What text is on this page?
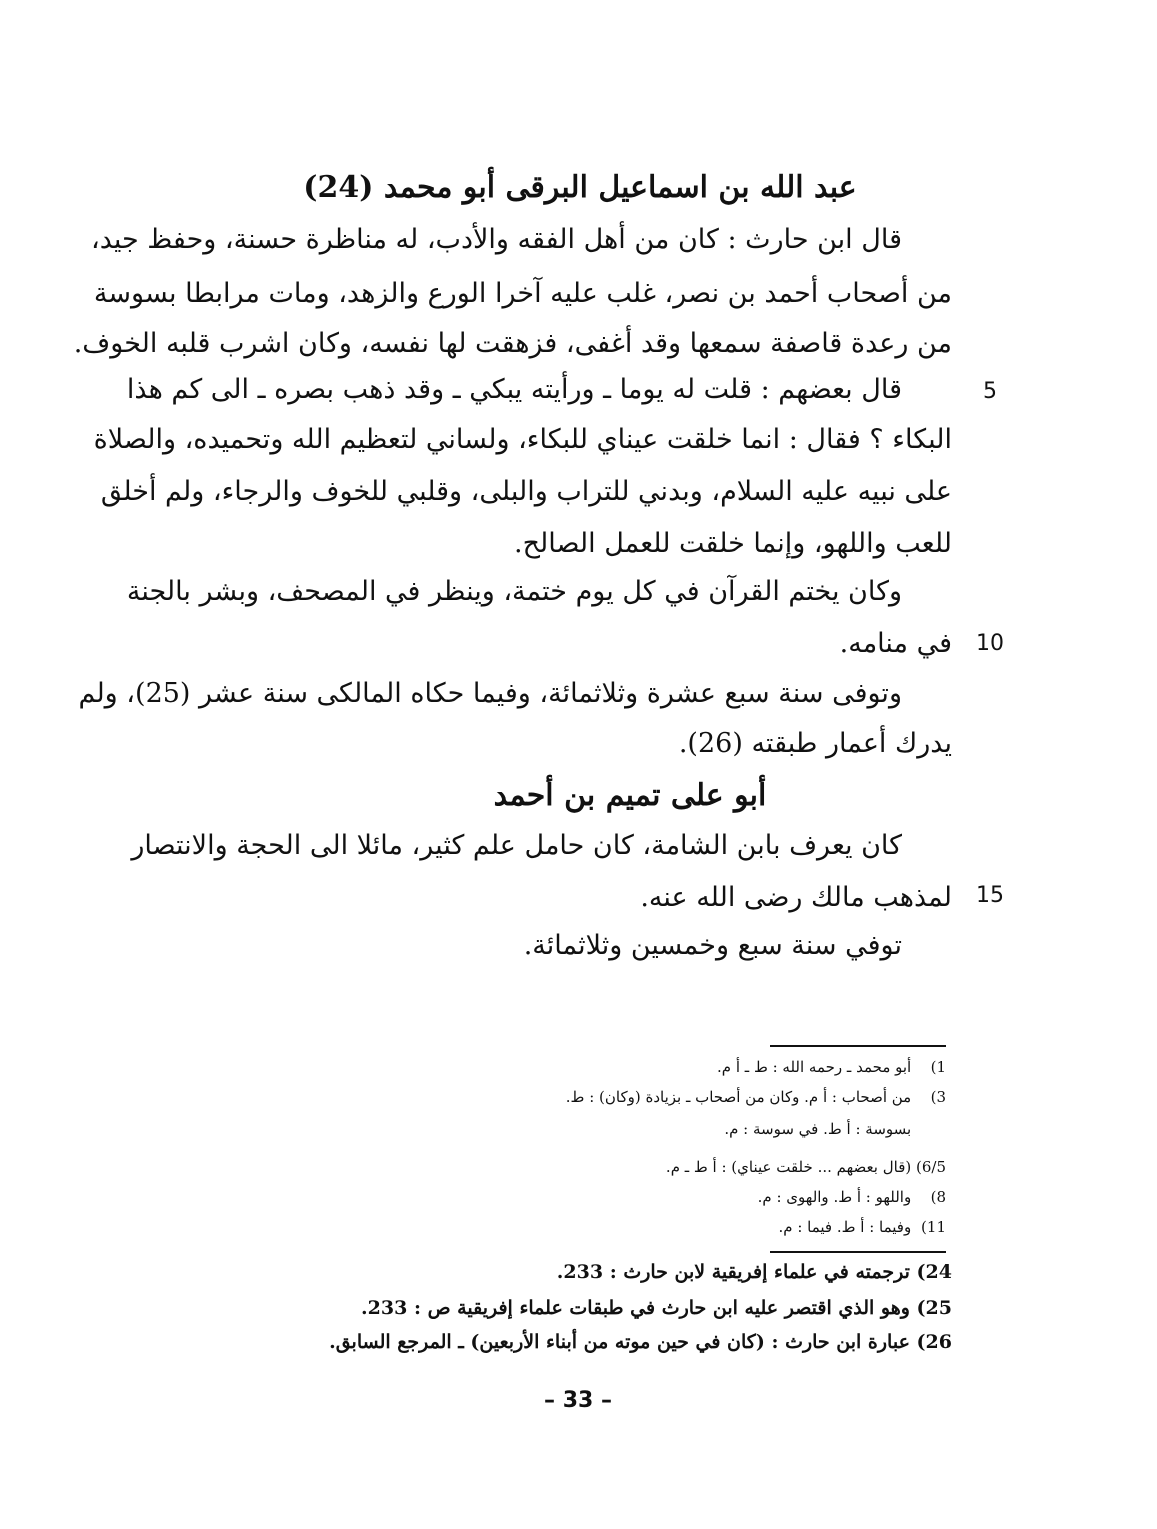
عبد الله بن اسماعيل البرقى أبو محمد (24)
قال ابن حارث : كان من أهل الفقه والأدب، له مناظرة حسنة، وحفظ جيد،
من أصحاب أحمد بن نصر، غلب عليه آخرا الورع والزهد، ومات مرابطا بسوسة
من رعدة قاصفة سمعها وقد أغفى، فزهقت لها نفسه، وكان اشرب قلبه الخوف.
قال بعضهم : قلت له يوما ـ ورأيته يبكي ـ وقد ذهب بصره ـ الى كم هذا
البكاء ؟ فقال : انما خلقت عيناي للبكاء، ولساني لتعظيم الله وتحميده، والصلاة
على نبيه عليه السلام، وبدني للتراب والبلى، وقلبي للخوف والرجاء، ولم أخلق
للعب واللهو، وإنما خلقت للعمل الصالح.
وكان يختم القرآن في كل يوم ختمة، وينظر في المصحف، وبشر بالجنة
في منامه.
وتوفى سنة سبع عشرة وثلاثمائة، وفيما حكاه المالكى سنة عشر (25)، ولم
يدرك أعمار طبقته (26).
أبو على تميم بن أحمد
كان يعرف بابن الشامة، كان حامل علم كثير، مائلا الى الحجة والانتصار
لمذهب مالك رضى الله عنه.
توفي سنة سبع وخمسين وثلاثمائة.
5
10
15
1) أبو محمد ـ رحمه الله : ط ـ أ م.
3) من أصحاب : أ م. وكان من أصحاب ـ بزيادة (وكان) : ط.
بسوسة : أ ط. في سوسة : م.
6/5) (قال بعضهم ... خلقت عيناي) : أ ط ـ م.
8) واللهو : أ ط. والهوى : م.
11) وفيما : أ ط. فيما : م.
24) ترجمته في علماء إفريقية لابن حارث : 233.
25) وهو الذي اقتصر عليه ابن حارث في طبقات علماء إفريقية ص : 233.
26) عبارة ابن حارث : (كان في حين موته من أبناء الأربعين) ـ المرجع السابق.
– 33 –
